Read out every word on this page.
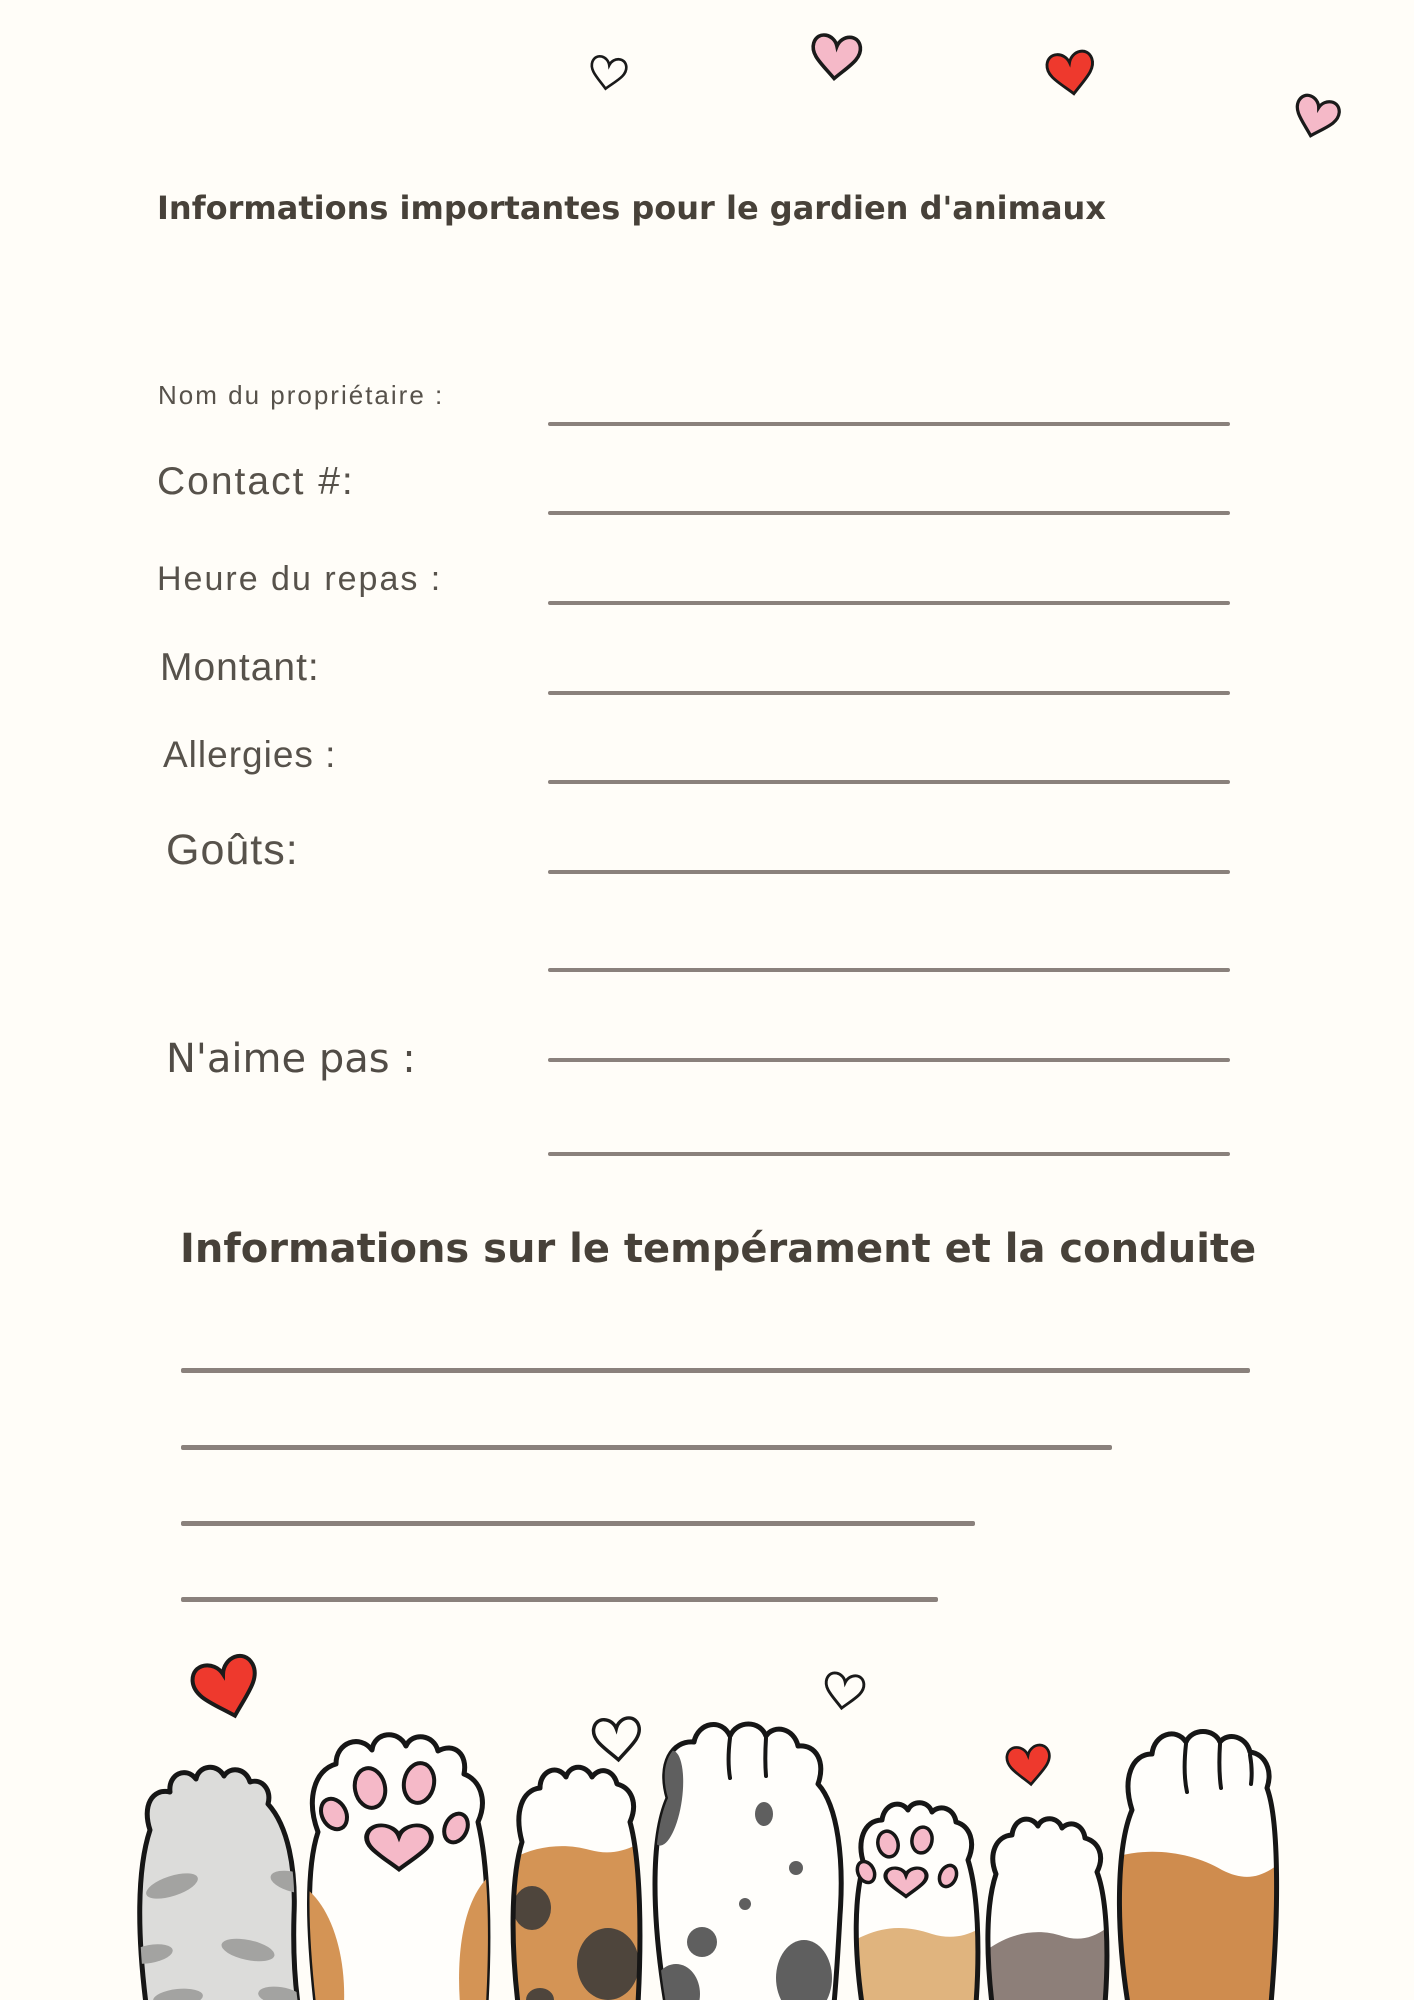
Informations importantes pour le gardien d'animaux
Nom du propriétaire :
Contact #:
Heure du repas :
Montant:
Allergies :
Goûts:
N'aime pas :
Informations sur le tempérament et la conduite
